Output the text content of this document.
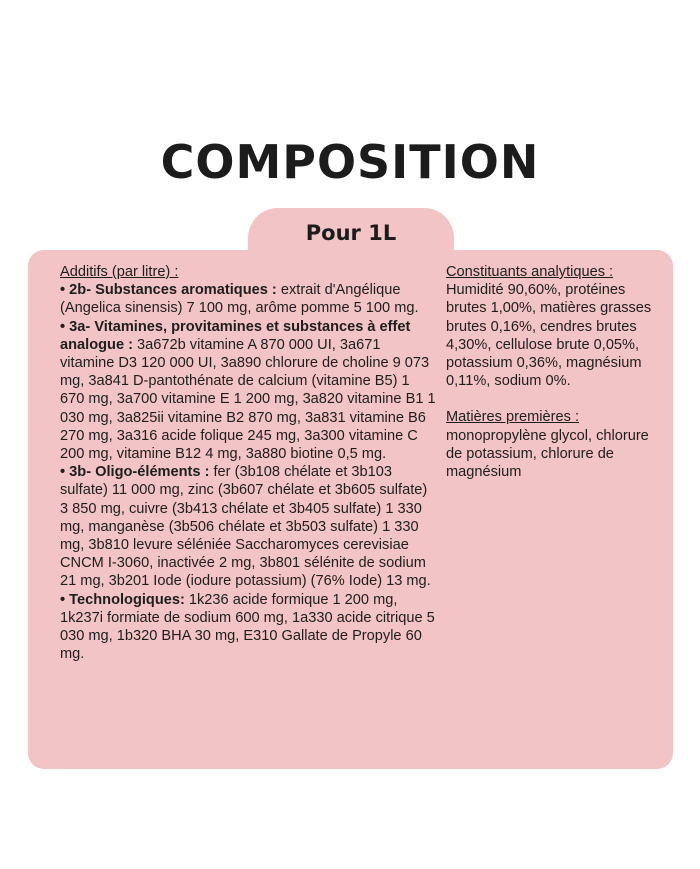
COMPOSITION
Pour 1L

Additifs (par litre) :

• 2b- Substances aromatiques : extrait d'Angélique (Angelica sinensis) 7 100 mg, arôme pomme 5 100 mg.

• 3a- Vitamines, provitamines et substances à effet analogue : 3a672b vitamine A 870 000 UI, 3a671 vitamine D3 120 000 UI, 3a890 chlorure de choline 9 073 mg, 3a841 D-pantothénate de calcium (vitamine B5) 1 670 mg, 3a700 vitamine E 1 200 mg, 3a820 vitamine B1 1 030 mg, 3a825ii vitamine B2 870 mg, 3a831 vitamine B6 270 mg, 3a316 acide folique 245 mg, 3a300 vitamine C 200 mg, vitamine B12 4 mg, 3a880 biotine 0,5 mg.

• 3b- Oligo-éléments : fer (3b108 chélate et 3b103 sulfate) 11 000 mg, zinc (3b607 chélate et 3b605 sulfate) 3 850 mg, cuivre (3b413 chélate et 3b405 sulfate) 1 330 mg, manganèse (3b506 chélate et 3b503 sulfate) 1 330 mg, 3b810 levure séléniée Saccharomyces cerevisiae CNCM I-3060, inactivée 2 mg, 3b801 sélénite de sodium 21 mg, 3b201 Iode (iodure potassium) (76% Iode) 13 mg.

• Technologiques: 1k236 acide formique 1 200 mg, 1k237i formiate de sodium 600 mg, 1a330 acide citrique 5 030 mg, 1b320 BHA 30 mg, E310 Gallate de Propyle 60 mg.

Constituants analytiques : Humidité 90,60%, protéines brutes 1,00%, matières grasses brutes 0,16%, cendres brutes 4,30%, cellulose brute 0,05%, potassium 0,36%, magnésium 0,11%, sodium 0%.

Matières premières : monopropylène glycol, chlorure de potassium, chlorure de magnésium
